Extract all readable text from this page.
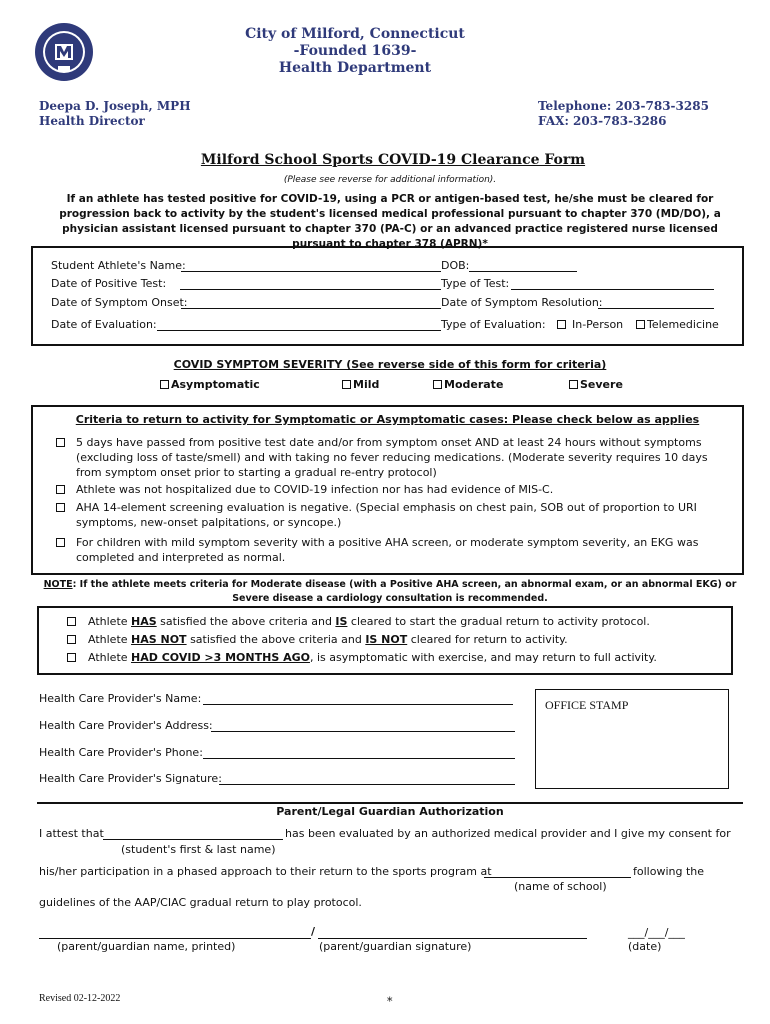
City of Milford, Connecticut
-Founded 1639-
Health Department
Deepa D. Joseph, MPH
Health Director
Telephone: 203-783-3285
FAX: 203-783-3286
Milford School Sports COVID-19 Clearance Form
(Please see reverse for additional information).
If an athlete has tested positive for COVID-19, using a PCR or antigen-based test, he/she must be cleared for progression back to activity by the student's licensed medical professional pursuant to chapter 370 (MD/DO), a physician assistant licensed pursuant to chapter 370 (PA-C) or an advanced practice registered nurse licensed pursuant to chapter 378 (APRN)*
Student Athlete's Name:	DOB:
Date of Positive Test:	Type of Test:
Date of Symptom Onset:	Date of Symptom Resolution:
Date of Evaluation:	Type of Evaluation:	In-Person	Telemedicine
COVID SYMPTOM SEVERITY (See reverse side of this form for criteria)
Asymptomatic	Mild	Moderate	Severe
Criteria to return to activity for Symptomatic or Asymptomatic cases: Please check below as applies
5 days have passed from positive test date and/or from symptom onset AND at least 24 hours without symptoms (excluding loss of taste/smell) and with taking no fever reducing medications. (Moderate severity requires 10 days from symptom onset prior to starting a gradual re-entry protocol)
Athlete was not hospitalized due to COVID-19 infection nor has had evidence of MIS-C.
AHA 14-element screening evaluation is negative. (Special emphasis on chest pain, SOB out of proportion to URI symptoms, new-onset palpitations, or syncope.)
For children with mild symptom severity with a positive AHA screen, or moderate symptom severity, an EKG was completed and interpreted as normal.
NOTE: If the athlete meets criteria for Moderate disease (with a Positive AHA screen, an abnormal exam, or an abnormal EKG) or Severe disease a cardiology consultation is recommended.
Athlete HAS satisfied the above criteria and IS cleared to start the gradual return to activity protocol.
Athlete HAS NOT satisfied the above criteria and IS NOT cleared for return to activity.
Athlete HAD COVID >3 MONTHS AGO, is asymptomatic with exercise, and may return to full activity.
Health Care Provider's Name:
Health Care Provider's Address:
Health Care Provider's Phone:
Health Care Provider's Signature:
OFFICE STAMP
Parent/Legal Guardian Authorization
I attest that	has been evaluated by an authorized medical provider and I give my consent for
(student's first & last name)
his/her participation in a phased approach to their return to the sports program at	following the
(name of school)
guidelines of the AAP/CIAC gradual return to play protocol.
/	___/___/___
(parent/guardian name, printed)	(parent/guardian signature)	(date)
Revised 02-12-2022	*
